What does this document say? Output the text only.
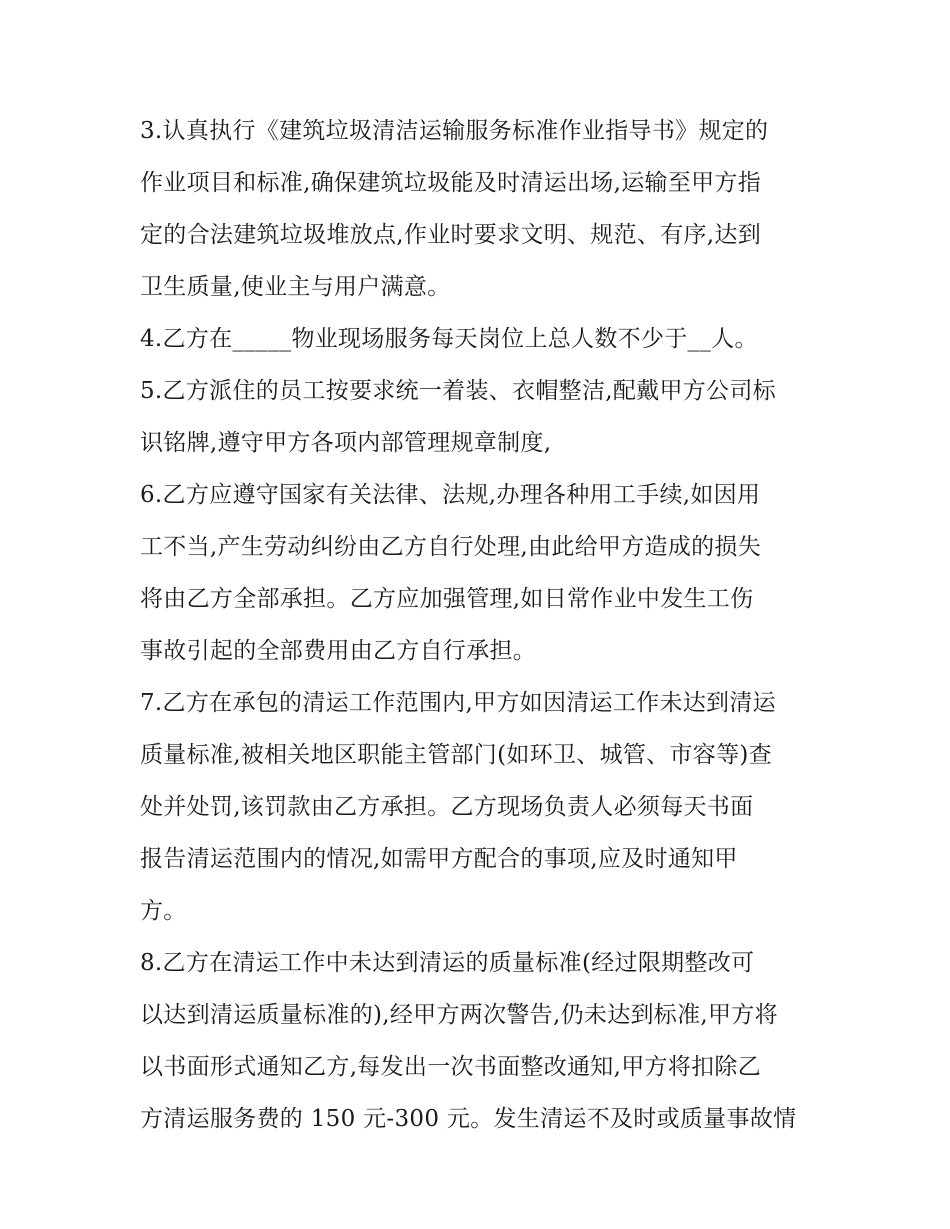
3.认真执行《建筑垃圾清洁运输服务标准作业指导书》规定的
作业项目和标准,确保建筑垃圾能及时清运出场,运输至甲方指
定的合法建筑垃圾堆放点,作业时要求文明、规范、有序,达到
卫生质量,使业主与用户满意。
4.乙方在_____物业现场服务每天岗位上总人数不少于__人。
5.乙方派住的员工按要求统一着装、衣帽整洁,配戴甲方公司标
识铭牌,遵守甲方各项内部管理规章制度,
6.乙方应遵守国家有关法律、法规,办理各种用工手续,如因用
工不当,产生劳动纠纷由乙方自行处理,由此给甲方造成的损失
将由乙方全部承担。乙方应加强管理,如日常作业中发生工伤
事故引起的全部费用由乙方自行承担。
7.乙方在承包的清运工作范围内,甲方如因清运工作未达到清运
质量标准,被相关地区职能主管部门(如环卫、城管、市容等)查
处并处罚,该罚款由乙方承担。乙方现场负责人必须每天书面
报告清运范围内的情况,如需甲方配合的事项,应及时通知甲
方。
8.乙方在清运工作中未达到清运的质量标准(经过限期整改可
以达到清运质量标准的),经甲方两次警告,仍未达到标准,甲方将
以书面形式通知乙方,每发出一次书面整改通知,甲方将扣除乙
方清运服务费的 150 元-300 元。发生清运不及时或质量事故情
